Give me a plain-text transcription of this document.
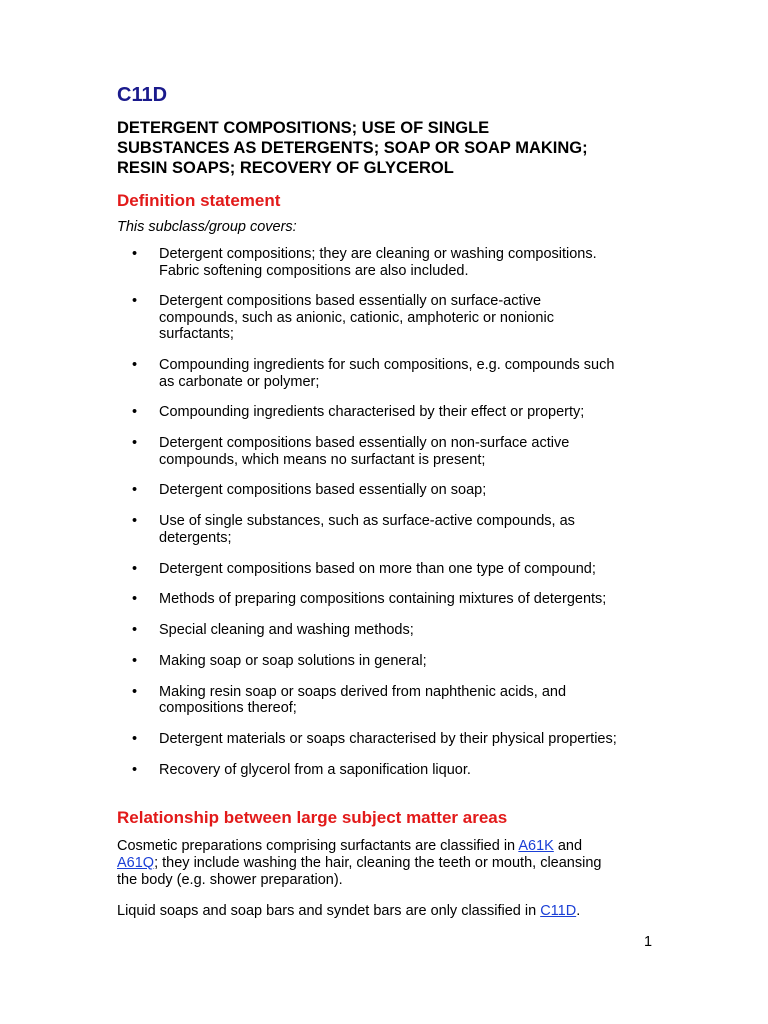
C11D
DETERGENT COMPOSITIONS; USE OF SINGLE
SUBSTANCES AS DETERGENTS; SOAP OR SOAP MAKING;
RESIN SOAPS; RECOVERY OF GLYCEROL
Definition statement

This subclass/group covers:

• Detergent compositions; they are cleaning or washing compositions.
Fabric softening compositions are also included.
• Detergent compositions based essentially on surface-active
compounds, such as anionic, cationic, amphoteric or nonionic
surfactants;
• Compounding ingredients for such compositions, e.g. compounds such
as carbonate or polymer;
• Compounding ingredients characterised by their effect or property;
• Detergent compositions based essentially on non-surface active
compounds, which means no surfactant is present;
• Detergent compositions based essentially on soap;
• Use of single substances, such as surface-active compounds, as
detergents;
• Detergent compositions based on more than one type of compound;
• Methods of preparing compositions containing mixtures of detergents;
• Special cleaning and washing methods;
• Making soap or soap solutions in general;
• Making resin soap or soaps derived from naphthenic acids, and
compositions thereof;
• Detergent materials or soaps characterised by their physical properties;
• Recovery of glycerol from a saponification liquor.
Relationship between large subject matter areas

Cosmetic preparations comprising surfactants are classified in A61K and
A61Q; they include washing the hair, cleaning the teeth or mouth, cleansing
the body (e.g. shower preparation).

Liquid soaps and soap bars and syndet bars are only classified in C11D.

1
